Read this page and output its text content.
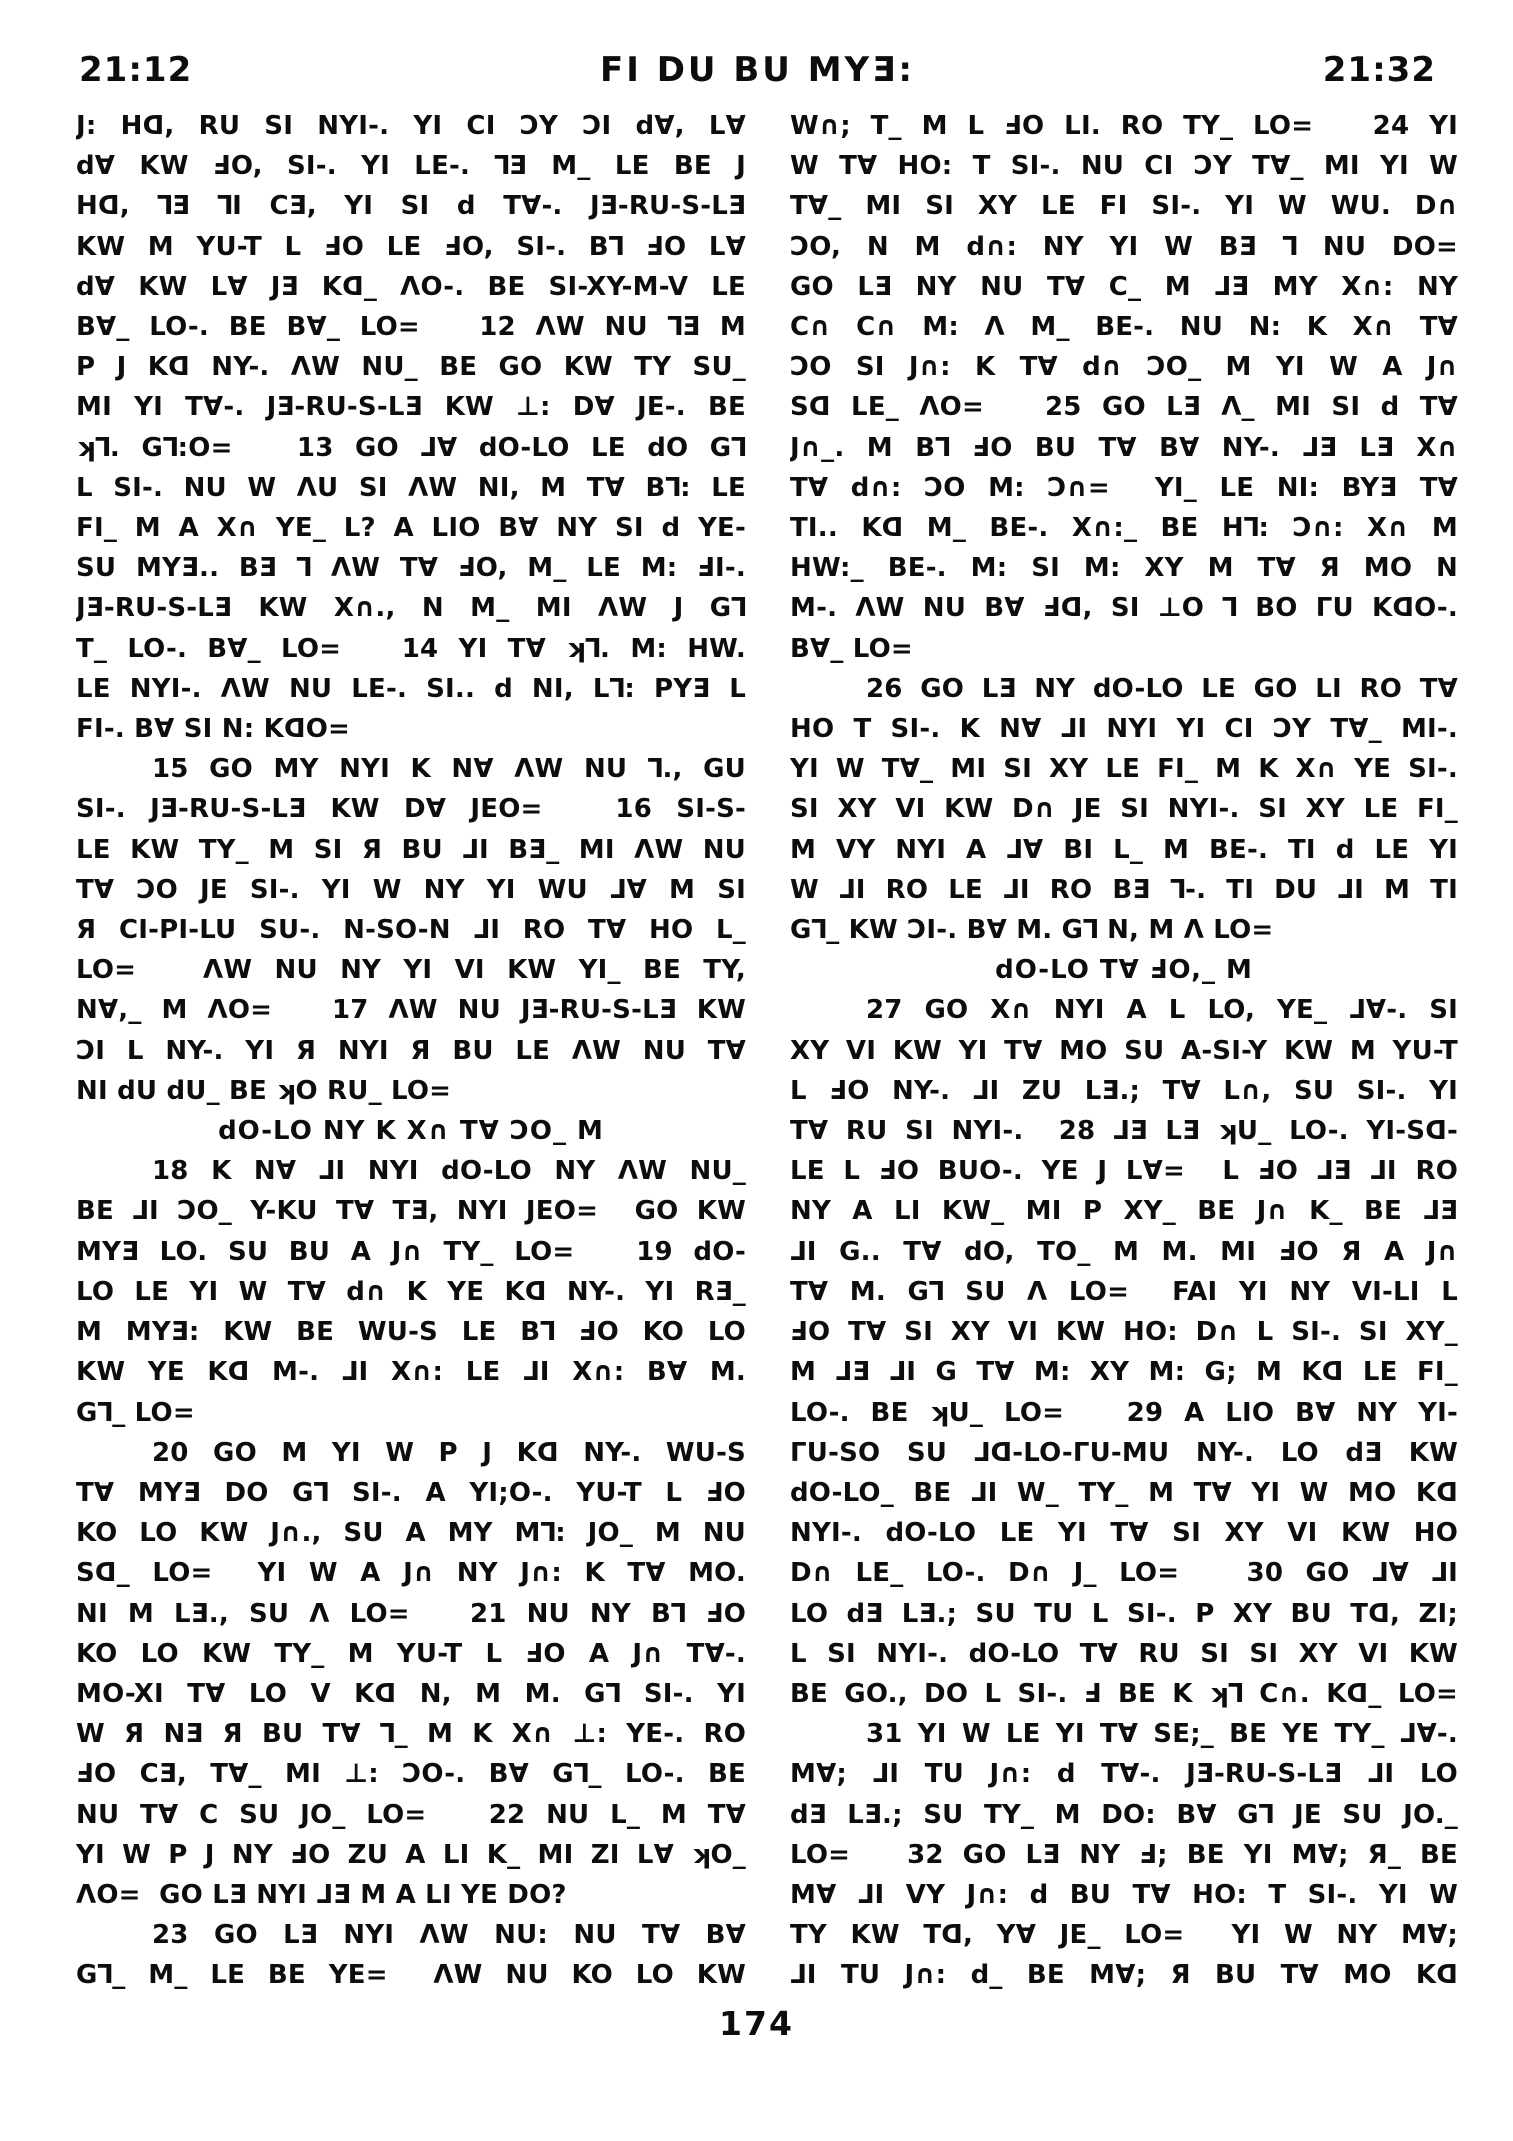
21:12	FI DU BU MYƎ:	21:32
J: Hᗡ, RU SI NYI-. YI CI ƆY ƆI d∀, L∀
d∀ KW ℲO, SI-. YI LE-. ⅂Ǝ M_ LE BE J
Hᗡ, ⅂Ǝ ⅂I CƎ, YI SI d T∀-. JƎ-RU-S-LƎ
KW M YU-T L ℲO LE ℲO, SI-. B⅂ ℲO L∀
d∀ KW L∀ JƎ Kᗡ_ ΛO-. BE SI-XY-M-V LE
B∀_ LO-. BE B∀_ LO=   12 ΛW NU ⅂Ǝ M
P J Kᗡ NY-. ΛW NU_ BE GO KW TY SU_
MI YI T∀-. JƎ-RU-S-LƎ KW ⊥: D∀ JE-. BE
ʞ⅂. G⅂:O=   13 GO ⅃∀ dO-LO LE dO G⅂
L SI-. NU W ΛU SI ΛW NI, M T∀ B⅂: LE
FI_ M A X∩ YE_ L? A LIO B∀ NY SI d YE-
SU MYƎ.. BƎ ⅂ ΛW T∀ ℲO, M_ LE M: ℲI-.
JƎ-RU-S-LƎ KW X∩., N M_ MI ΛW J G⅂
T_ LO-. B∀_ LO=   14 YI T∀ ʞ⅂. M: HW.
LE NYI-. ΛW NU LE-. SI.. d NI, L⅂: PYƎ L
FI-. B∀ SI N: KᗡO=
15 GO MY NYI K N∀ ΛW NU ⅂., GU
SI-. JƎ-RU-S-LƎ KW D∀ JEO=   16 SI-S-
LE KW TY_ M SI Я BU ⅃I BƎ_ MI ΛW NU
T∀ ƆO JE SI-. YI W NY YI WU ⅃∀ M SI
Я CI-PI-LU SU-. N-SO-N ⅃I RO T∀ HO L_
LO=   ΛW NU NY YI VI KW YI_ BE TY,
N∀,_ M ΛO=   17 ΛW NU JƎ-RU-S-LƎ KW
ƆI L NY-. YI Я NYI Я BU LE ΛW NU T∀
NI dU dU_ BE ʞO RU_ LO=
dO-LO NY K X∩ T∀ ƆO_ M
18 K N∀ ⅃I NYI dO-LO NY ΛW NU_
BE ⅃I ƆO_ Y-KU T∀ TƎ, NYI JEO=  GO KW
MYƎ LO. SU BU A J∩ TY_ LO=   19 dO-
LO LE YI W T∀ d∩ K YE Kᗡ NY-. YI RƎ_
M MYƎ: KW BE WU-S LE B⅂ ℲO KO LO
KW YE Kᗡ M-. ⅃I X∩: LE ⅃I X∩: B∀ M.
G⅂_ LO=
20 GO M YI W P J Kᗡ NY-. WU-S
T∀ MYƎ DO G⅂ SI-. A YI;O-. YU-T L ℲO
KO LO KW J∩., SU A MY M⅂: JO_ M NU
Sᗡ_ LO=  YI W A J∩ NY J∩: K T∀ MO.
NI M LƎ., SU Λ LO=   21 NU NY B⅂ ℲO
KO LO KW TY_ M YU-T L ℲO A J∩ T∀-.
MO-XI T∀ LO V Kᗡ N, M M. G⅂ SI-. YI
W Я NƎ Я BU T∀ ⅂_ M K X∩ ⊥: YE-. RO
ℲO CƎ, T∀_ MI ⊥: ƆO-. B∀ G⅂_ LO-. BE
NU T∀ C SU JO_ LO=   22 NU L_ M T∀
YI W P J NY ℲO ZU A LI K_ MI ZI L∀ ʞO_
ΛO=  GO LƎ NYI ⅃Ǝ M A LI YE DO?
23 GO LƎ NYI ΛW NU: NU T∀ B∀
G⅂_ M_ LE BE YE=  ΛW NU KO LO KW
W∩; T_ M L ℲO LI. RO TY_ LO=   24 YI
W T∀ HO: T SI-. NU CI ƆY T∀_ MI YI W
T∀_ MI SI XY LE FI SI-. YI W WU. D∩
ƆO, N M d∩: NY YI W BƎ ⅂ NU DO=
GO LƎ NY NU T∀ C_ M ⅃Ǝ MY X∩: NY
C∩ C∩ M: Λ M_ BE-. NU N: K X∩ T∀
ƆO SI J∩: K T∀ d∩ ƆO_ M YI W A J∩
Sᗡ LE_ ΛO=   25 GO LƎ Λ_ MI SI d T∀
J∩_. M B⅂ ℲO BU T∀ B∀ NY-. ⅃Ǝ LƎ X∩
T∀ d∩: ƆO M: Ɔ∩=  YI_ LE NI: BYƎ T∀
TI.. Kᗡ M_ BE-. X∩:_ BE H⅂: Ɔ∩: X∩ M
HW:_ BE-. M: SI M: XY M T∀ Я MO N
M-. ΛW NU B∀ Ⅎᗡ, SI ⊥O ⅂ BO ΓU KᗡO-.
B∀_ LO=
26 GO LƎ NY dO-LO LE GO LI RO T∀
HO T SI-. K N∀ ⅃I NYI YI CI ƆY T∀_ MI-.
YI W T∀_ MI SI XY LE FI_ M K X∩ YE SI-.
SI XY VI KW D∩ JE SI NYI-. SI XY LE FI_
M VY NYI A ⅃∀ BI L_ M BE-. TI d LE YI
W ⅃I RO LE ⅃I RO BƎ ⅂-. TI DU ⅃I M TI
G⅂_ KW ƆI-. B∀ M. G⅂ N, M Λ LO=
dO-LO T∀ ℲO,_ M
27 GO X∩ NYI A L LO, YE_ ⅃∀-. SI
XY VI KW YI T∀ MO SU A-SI-Y KW M YU-T
L ℲO NY-. ⅃I ZU LƎ.; T∀ L∩, SU SI-. YI
T∀ RU SI NYI-.  28 ⅃Ǝ LƎ ʞU_ LO-. YI-Sᗡ-
LE L ℲO BUO-. YE J L∀=  L ℲO ⅃Ǝ ⅃I RO
NY A LI KW_ MI P XY_ BE J∩ K_ BE ⅃Ǝ
⅃I G.. T∀ dO, TO_ M M. MI ℲO Я A J∩
T∀ M. G⅂ SU Λ LO=  FAI YI NY VI-LI L
ℲO T∀ SI XY VI KW HO: D∩ L SI-. SI XY_
M ⅃Ǝ ⅃I G T∀ M: XY M: G; M Kᗡ LE FI_
LO-. BE ʞU_ LO=   29 A LIO B∀ NY YI-
ΓU-SO SU ⅃ᗡ-LO-ΓU-MU NY-. LO dƎ KW
dO-LO_ BE ⅃I W_ TY_ M T∀ YI W MO Kᗡ
NYI-. dO-LO LE YI T∀ SI XY VI KW HO
D∩ LE_ LO-. D∩ J_ LO=   30 GO ⅃∀ ⅃I
LO dƎ LƎ.; SU TU L SI-. P XY BU Tᗡ, ZI;
L SI NYI-. dO-LO T∀ RU SI SI XY VI KW
BE GO., DO L SI-. Ⅎ BE K ʞ⅂ C∩. Kᗡ_ LO=
31 YI W LE YI T∀ SE;_ BE YE TY_ ⅃∀-.
M∀; ⅃I TU J∩: d T∀-. JƎ-RU-S-LƎ ⅃I LO
dƎ LƎ.; SU TY_ M DO: B∀ G⅂ JE SU JO._
LO=   32 GO LƎ NY Ⅎ; BE YI M∀; Я_ BE
M∀ ⅃I VY J∩: d BU T∀ HO: T SI-. YI W
TY KW Tᗡ, Y∀ JE_ LO=  YI W NY M∀;
⅃I TU J∩: d_ BE M∀; Я BU T∀ MO Kᗡ
174
